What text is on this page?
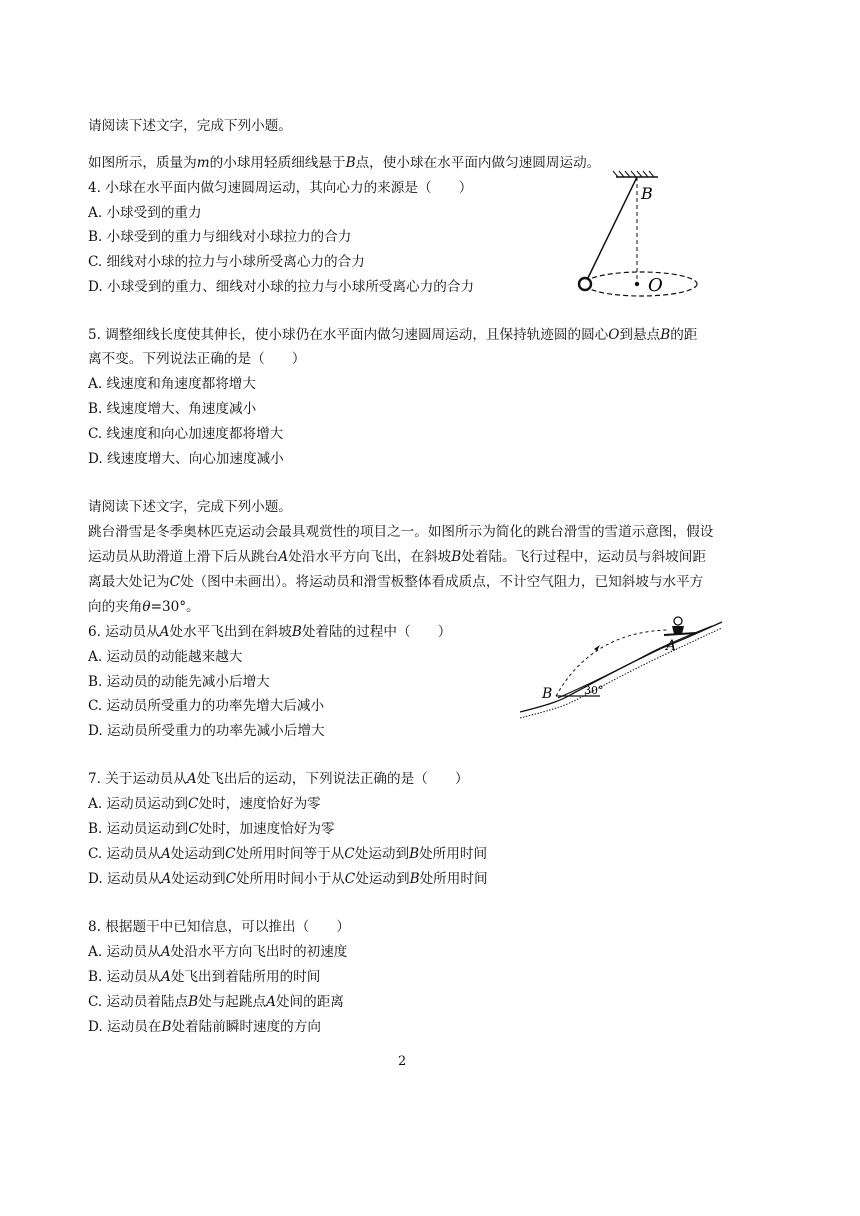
请阅读下述文字，完成下列小题。
如图所示，质量为m的小球用轻质细线悬于B点，使小球在水平面内做匀速圆周运动。
4. 小球在水平面内做匀速圆周运动，其向心力的来源是（　　）
A. 小球受到的重力
B. 小球受到的重力与细线对小球拉力的合力
C. 细线对小球的拉力与小球所受离心力的合力
D. 小球受到的重力、细线对小球的拉力与小球所受离心力的合力
B
O
5. 调整细线长度使其伸长，使小球仍在水平面内做匀速圆周运动，且保持轨迹圆的圆心O到悬点B的距
离不变。下列说法正确的是（　　）
A. 线速度和角速度都将增大
B. 线速度增大、角速度减小
C. 线速度和向心加速度都将增大
D. 线速度增大、向心加速度减小
请阅读下述文字，完成下列小题。
跳台滑雪是冬季奥林匹克运动会最具观赏性的项目之一。如图所示为简化的跳台滑雪的雪道示意图，假设
运动员从助滑道上滑下后从跳台A处沿水平方向飞出，在斜坡B处着陆。飞行过程中，运动员与斜坡间距
离最大处记为C处（图中未画出）。将运动员和滑雪板整体看成质点，不计空气阻力，已知斜坡与水平方
向的夹角θ=30°。
6. 运动员从A处水平飞出到在斜坡B处着陆的过程中（　　）
A. 运动员的动能越来越大
B. 运动员的动能先减小后增大
C. 运动员所受重力的功率先增大后减小
D. 运动员所受重力的功率先减小后增大
A
B	30°
7. 关于运动员从A处飞出后的运动，下列说法正确的是（　　）
A. 运动员运动到C处时，速度恰好为零
B. 运动员运动到C处时，加速度恰好为零
C. 运动员从A处运动到C处所用时间等于从C处运动到B处所用时间
D. 运动员从A处运动到C处所用时间小于从C处运动到B处所用时间
8. 根据题干中已知信息，可以推出（　　）
A. 运动员从A处沿水平方向飞出时的初速度
B. 运动员从A处飞出到着陆所用的时间
C. 运动员着陆点B处与起跳点A处间的距离
D. 运动员在B处着陆前瞬时速度的方向
2
